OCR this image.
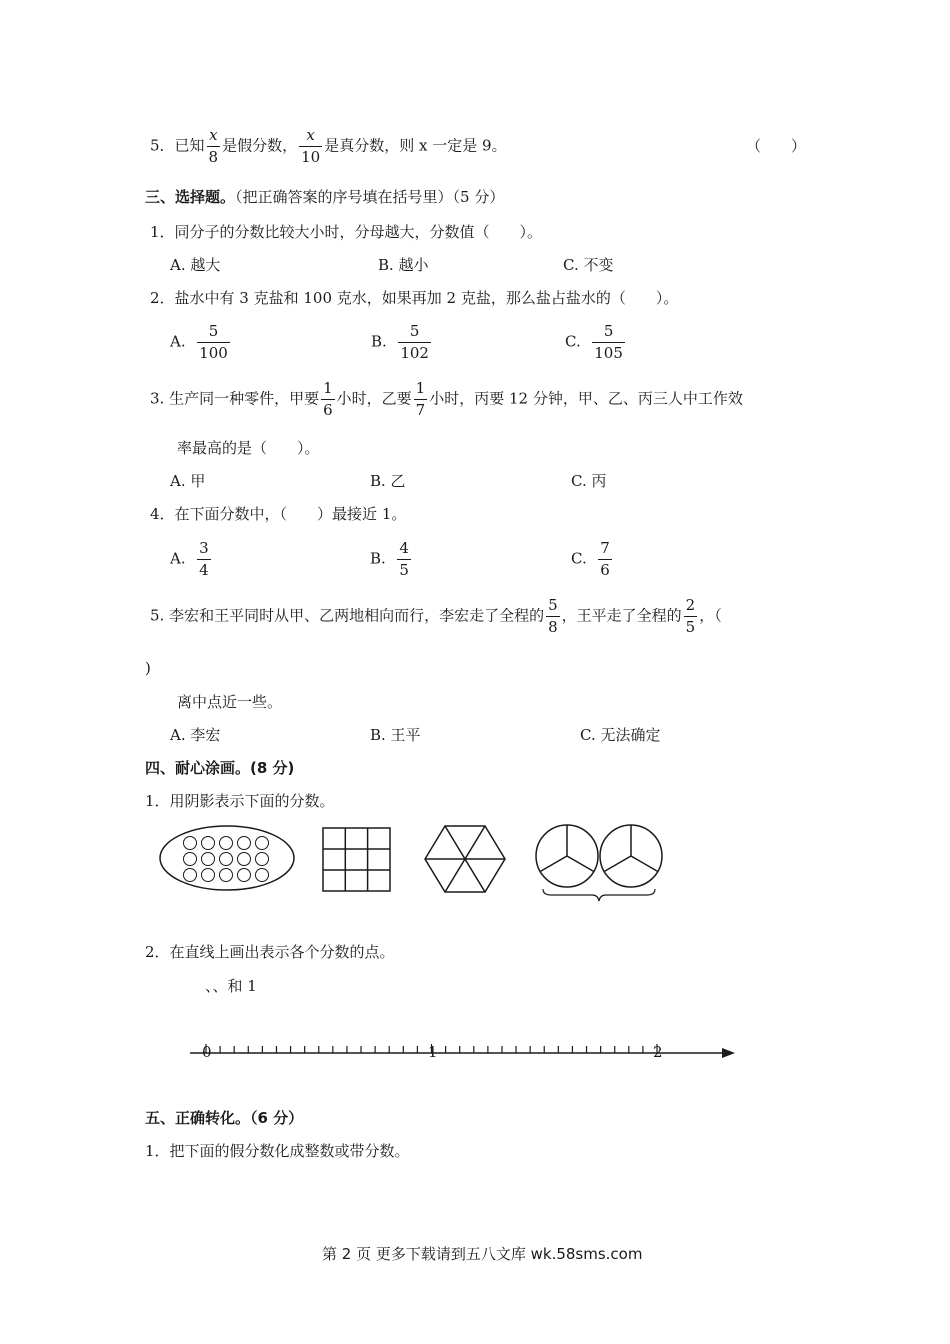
5．已知 $\frac{x}{8}$ 是假分数， $\frac{x}{10}$ 是真分数，则 x 一定是 9。	（　　）
三、选择题。（把正确答案的序号填在括号里）（5 分）
1．同分子的分数比较大小时，分母越大，分数值（　　）。
A. 越大	B. 越小	C. 不变
2．盐水中有 3 克盐和 100 克水，如果再加 2 克盐，那么盐占盐水的（　　）。
A. $\frac{5}{100}$	B. $\frac{5}{102}$	C. $\frac{5}{105}$
3. 生产同一种零件，甲要 $\frac{1}{6}$ 小时，乙要 $\frac{1}{7}$ 小时，丙要 12 分钟，甲、乙、丙三人中工作效
率最高的是（　　）。
A. 甲	B. 乙	C. 丙
4．在下面分数中，（　　）最接近 1。
A. $\frac{3}{4}$	B. $\frac{4}{5}$	C. $\frac{7}{6}$
5. 李宏和王平同时从甲、乙两地相向而行，李宏走了全程的 $\frac{5}{8}$ ，王平走了全程的 $\frac{2}{5}$ ，（
)
离中点近一些。
A. 李宏	B. 王平	C. 无法确定
四、耐心涂画。(8 分)
1．用阴影表示下面的分数。
2．在直线上画出表示各个分数的点。
、、和 1
0	1	2
五、正确转化。（6 分）
1．把下面的假分数化成整数或带分数。
第 2 页 更多下载请到五八文库 wk.58sms.com
